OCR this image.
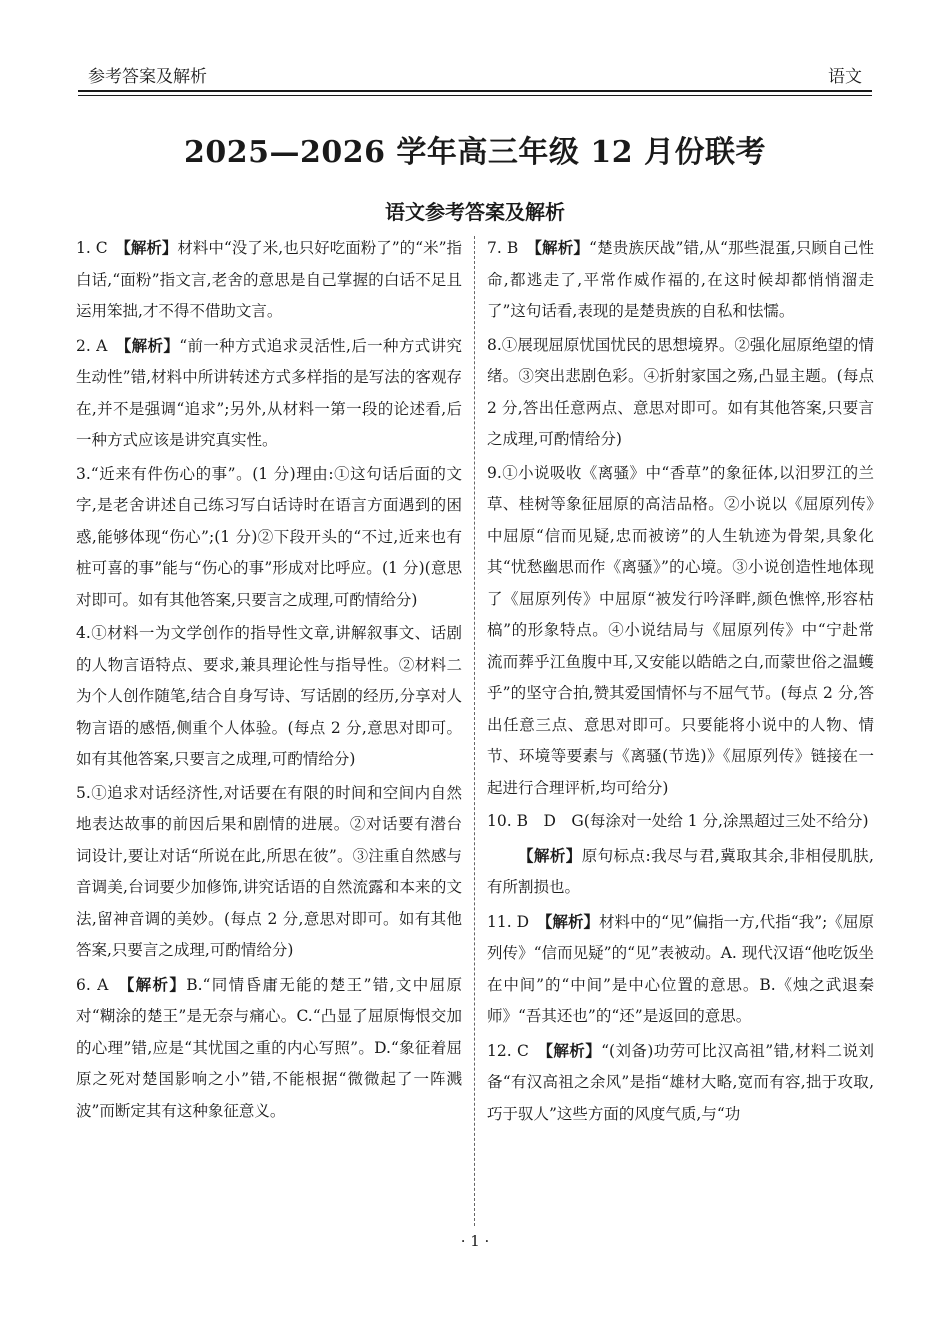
参考答案及解析	语文
2025—2026 学年高三年级 12 月份联考
语文参考答案及解析

1. C　 【解析】材料中“没了米,也只好吃面粉了”的“米”指白话,“面粉”指文言,老舍的意思是自己掌握的白话不足且运用笨拙,才不得不借助文言。

2. A　 【解析】“前一种方式追求灵活性,后一种方式讲究生动性”错,材料中所讲转述方式多样指的是写法的客观存在,并不是强调“追求”;另外,从材料一第一段的论述看,后一种方式应该是讲究真实性。

3.“近来有件伤心的事”。(1 分)理由:①这句话后面的文字,是老舍讲述自己练习写白话诗时在语言方面遇到的困惑,能够体现“伤心”;(1 分)②下段开头的“不过,近来也有桩可喜的事”能与“伤心的事”形成对比呼应。(1 分)(意思对即可。如有其他答案,只要言之成理,可酌情给分)

4.①材料一为文学创作的指导性文章,讲解叙事文、话剧的人物言语特点、要求,兼具理论性与指导性。②材料二为个人创作随笔,结合自身写诗、写话剧的经历,分享对人物言语的感悟,侧重个人体验。(每点 2 分,意思对即可。如有其他答案,只要言之成理,可酌情给分)

5.①追求对话经济性,对话要在有限的时间和空间内自然地表达故事的前因后果和剧情的进展。②对话要有潜台词设计,要让对话“所说在此,所思在彼”。③注重自然感与音调美,台词要少加修饰,讲究话语的自然流露和本来的文法,留神音调的美妙。(每点 2 分,意思对即可。如有其他答案,只要言之成理,可酌情给分)

6. A　 【解析】B.“同情昏庸无能的楚王”错,文中屈原对“糊涂的楚王”是无奈与痛心。C.“凸显了屈原悔恨交加的心理”错,应是“其忧国之重的内心写照”。D.“象征着屈原之死对楚国影响之小”错,不能根据“微微起了一阵溅波”而断定其有这种象征意义。

7. B　 【解析】“楚贵族厌战”错,从“那些混蛋,只顾自己性命,都逃走了,平常作威作福的,在这时候却都悄悄溜走了”这句话看,表现的是楚贵族的自私和怯懦。

8.①展现屈原忧国忧民的思想境界。②强化屈原绝望的情绪。③突出悲剧色彩。④折射家国之殇,凸显主题。(每点 2 分,答出任意两点、意思对即可。如有其他答案,只要言之成理,可酌情给分)

9.①小说吸收《离骚》中“香草”的象征体,以汨罗江的兰草、桂树等象征屈原的高洁品格。②小说以《屈原列传》中屈原“信而见疑,忠而被谤”的人生轨迹为骨架,具象化其“忧愁幽思而作《离骚》”的心境。③小说创造性地体现了《屈原列传》中屈原“被发行吟泽畔,颜色憔悴,形容枯槁”的形象特点。④小说结局与《屈原列传》中“宁赴常流而葬乎江鱼腹中耳,又安能以皓皓之白,而蒙世俗之温蠖乎”的坚守合拍,赞其爱国情怀与不屈气节。(每点 2 分,答出任意三点、意思对即可。只要能将小说中的人物、情节、环境等要素与《离骚(节选)》《屈原列传》链接在一起进行合理评析,均可给分)

10. B　D　G(每涂对一处给 1 分,涂黑超过三处不给分)

【解析】原句标点:我尽与君,冀取其余,非相侵肌肤,有所割损也。

11. D　 【解析】材料中的“见”偏指一方,代指“我”;《屈原列传》“信而见疑”的“见”表被动。A. 现代汉语“他吃饭坐在中间”的“中间”是中心位置的意思。B.《烛之武退秦师》“吾其还也”的“还”是返回的意思。

12. C　 【解析】“(刘备)功劳可比汉高祖”错,材料二说刘备“有汉高祖之余风”是指“雄材大略,宽而有容,拙于攻取,巧于驭人”这些方面的风度气质,与“功

· 1 ·
